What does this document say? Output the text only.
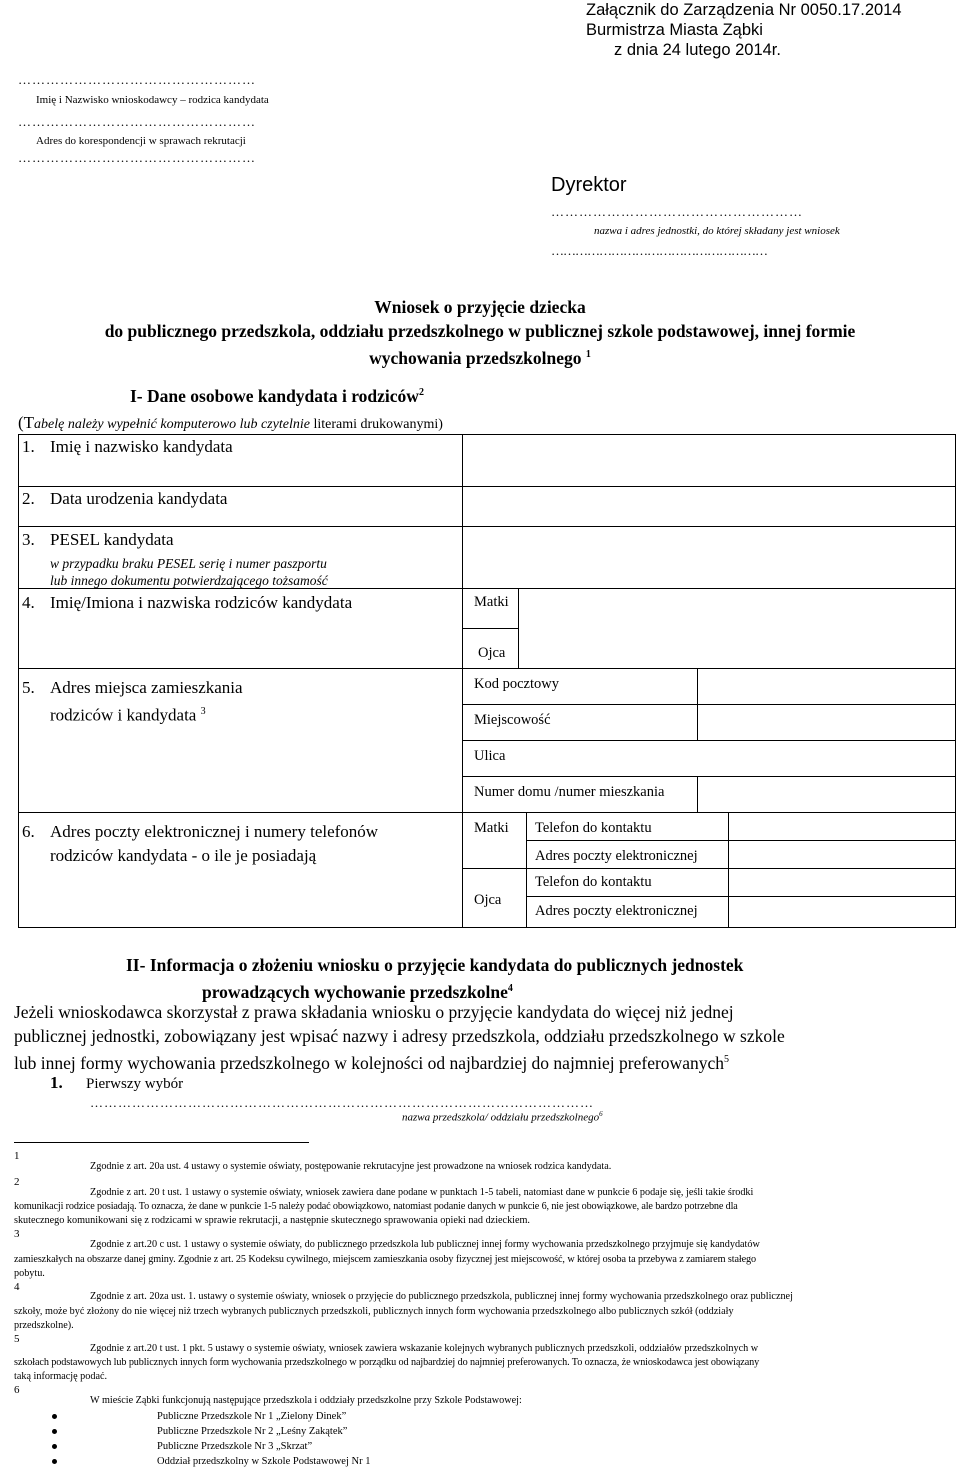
Załącznik do Zarządzenia Nr 0050.17.2014
Burmistrza Miasta Ząbki
z dnia 24 lutego 2014r.
……………………………………………
Imię i Nazwisko wnioskodawcy – rodzica kandydata
……………………………………………
Adres do korespondencji w sprawach rekrutacji
……………………………………………
Dyrektor
………………………………………………
nazwa i adres jednostki, do której składany jest wniosek
………………………………………………
Wniosek o przyjęcie dziecka
do publicznego przedszkola, oddziału przedszkolnego w publicznej szkole podstawowej, innej formie
wychowania przedszkolnego $^1$
I- Dane osobowe kandydata i rodziców$^2$
(Tabelę należy wypełnić komputerowo lub czytelnie literami drukowanymi)
1. Imię i nazwisko kandydata
2. Data urodzenia kandydata
3. PESEL kandydata
w przypadku braku PESEL serię i numer paszportu
lub innego dokumentu potwierdzającego tożsamość
4. Imię/Imiona i nazwiska rodziców kandydata	Matki
Ojca
5. Adres miejsca zamieszkania
rodziców i kandydata $^3$
Kod pocztowy
Miejscowość
Ulica
Numer domu /numer mieszkania
6. Adres poczty elektronicznej i numery telefonów
rodziców kandydata - o ile je posiadają
Matki
Ojca
Telefon do kontaktu
Adres poczty elektronicznej
Telefon do kontaktu
Adres poczty elektronicznej
II- Informacja o złożeniu wniosku o przyjęcie kandydata do publicznych jednostek
prowadzących wychowanie przedszkolne$^4$
Jeżeli wnioskodawca skorzystał z prawa składania wniosku o przyjęcie kandydata do więcej niż jednej
publicznej jednostki, zobowiązany jest wpisać nazwy i adresy przedszkola, oddziału przedszkolnego w szkole
lub innej formy wychowania przedszkolnego w kolejności od najbardziej do najmniej preferowanych$^5$
1. Pierwszy wybór
………………………………………………………………………………………………
nazwa przedszkola/ oddziału przedszkolnego$^6$
1
Zgodnie z art. 20a ust. 4 ustawy o systemie oświaty, postępowanie rekrutacyjne jest prowadzone na wniosek rodzica kandydata.
2
Zgodnie z art. 20 t ust. 1 ustawy o systemie oświaty, wniosek zawiera dane podane w punktach 1-5 tabeli, natomiast dane w punkcie 6 podaje się, jeśli takie środki
komunikacji rodzice posiadają. To oznacza, że dane w punkcie 1-5 należy podać obowiązkowo, natomiast podanie danych w punkcie 6, nie jest obowiązkowe, ale bardzo potrzebne dla
skutecznego komunikowani się z rodzicami w sprawie rekrutacji, a następnie skutecznego sprawowania opieki nad dzieckiem.
3
Zgodnie z art.20 c ust. 1 ustawy o systemie oświaty, do publicznego przedszkola lub publicznej innej formy wychowania przedszkolnego przyjmuje się kandydatów
zamieszkałych na obszarze danej gminy. Zgodnie z art. 25 Kodeksu cywilnego, miejscem zamieszkania osoby fizycznej jest miejscowość, w której osoba ta przebywa z zamiarem stałego
pobytu.
4
Zgodnie z art. 20za ust. 1. ustawy o systemie oświaty, wniosek o przyjęcie do publicznego przedszkola, publicznej innej formy wychowania przedszkolnego oraz publicznej
szkoły, może być złożony do nie więcej niż trzech wybranych publicznych przedszkoli, publicznych innych form wychowania przedszkolnego albo publicznych szkół (oddziały
przedszkolne).
5
Zgodnie z art.20 t ust. 1 pkt. 5 ustawy o systemie oświaty, wniosek zawiera wskazanie kolejnych wybranych publicznych przedszkoli, oddziałów przedszkolnych w
szkołach podstawowych lub publicznych innych form wychowania przedszkolnego w porządku od najbardziej do najmniej preferowanych. To oznacza, że wnioskodawca jest obowiązany
taką informację podać.
6
W mieście Ząbki funkcjonują następujące przedszkola i oddziały przedszkolne przy Szkole Podstawowej:
Publiczne Przedszkole Nr 1 „Zielony Dinek”
Publiczne Przedszkole Nr 2 „Leśny Zakątek”
Publiczne Przedszkole Nr 3 „Skrzat”
Oddział przedszkolny w Szkole Podstawowej Nr 1
